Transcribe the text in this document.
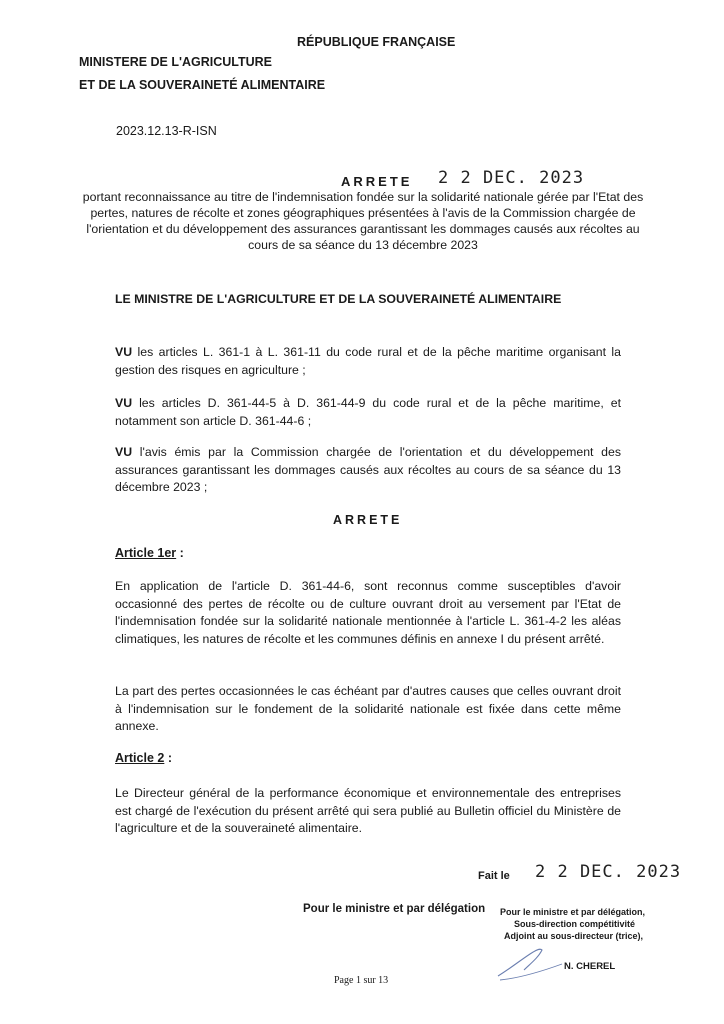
RÉPUBLIQUE FRANÇAISE
MINISTERE DE L'AGRICULTURE
ET DE LA SOUVERAINETÉ ALIMENTAIRE
2023.12.13-R-ISN
ARRETE 2 2 DEC. 2023
portant reconnaissance au titre de l'indemnisation fondée sur la solidarité nationale gérée par l'Etat des pertes, natures de récolte et zones géographiques présentées à l'avis de la Commission chargée de l'orientation et du développement des assurances garantissant les dommages causés aux récoltes au cours de sa séance du 13 décembre 2023
LE MINISTRE DE L'AGRICULTURE ET DE LA SOUVERAINETÉ ALIMENTAIRE

VU les articles L. 361-1 à L. 361-11 du code rural et de la pêche maritime organisant la gestion des risques en agriculture ;

VU les articles D. 361-44-5 à D. 361-44-9 du code rural et de la pêche maritime, et notamment son article D. 361-44-6 ;

VU l'avis émis par la Commission chargée de l'orientation et du développement des assurances garantissant les dommages causés aux récoltes au cours de sa séance du 13 décembre 2023 ;

ARRETE
Article 1er :
En application de l'article D. 361-44-6, sont reconnus comme susceptibles d'avoir occasionné des pertes de récolte ou de culture ouvrant droit au versement par l'Etat de l'indemnisation fondée sur la solidarité nationale mentionnée à l'article L. 361-4-2 les aléas climatiques, les natures de récolte et les communes définis en annexe I du présent arrêté.
La part des pertes occasionnées le cas échéant par d'autres causes que celles ouvrant droit à l'indemnisation sur le fondement de la solidarité nationale est fixée dans cette même annexe.
Article 2 :
Le Directeur général de la performance économique et environnementale des entreprises est chargé de l'exécution du présent arrêté qui sera publié au Bulletin officiel du Ministère de l'agriculture et de la souveraineté alimentaire.
Fait le 2 2 DEC. 2023
Pour le ministre et par délégation Pour le ministre et par délégation,
Sous-direction compétitivité
Adjoint au sous-directeur (trice),
N. CHEREL
Page 1 sur 13
